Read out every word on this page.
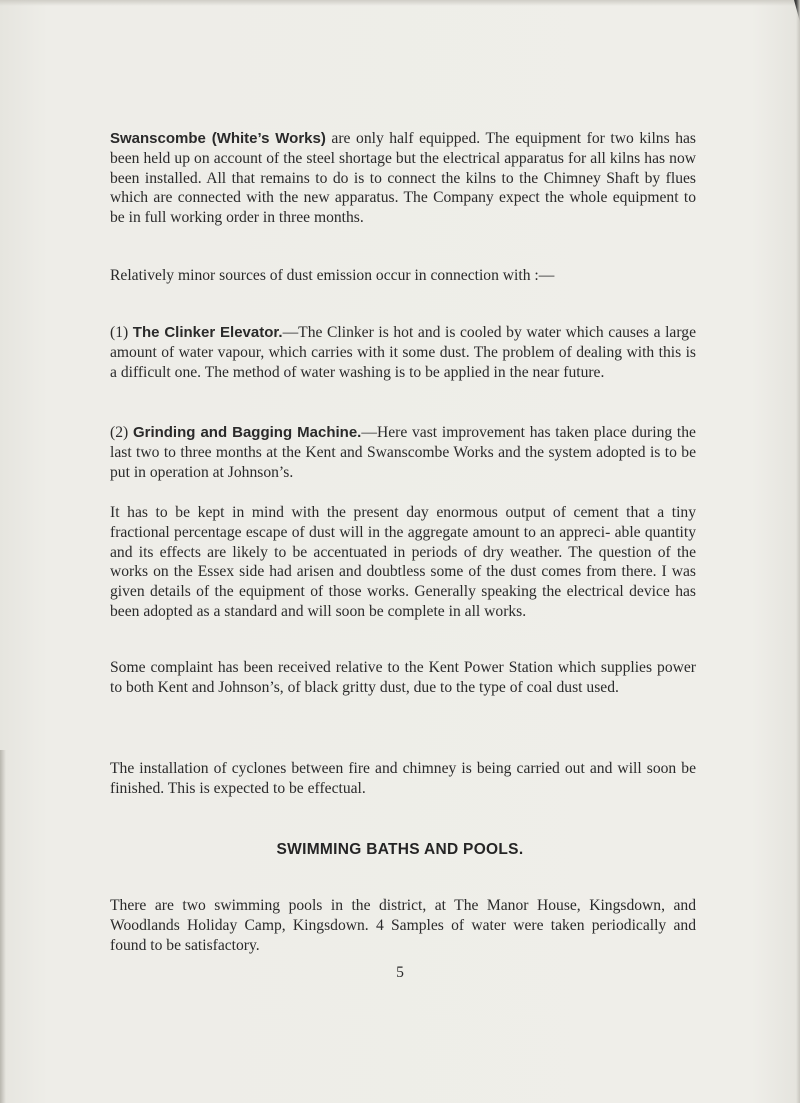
Swanscombe (White’s Works) are only half equipped. The equipment for two kilns has been held up on account of the steel shortage but the electrical apparatus for all kilns has now been installed. All that remains to do is to connect the kilns to the Chimney Shaft by flues which are connected with the new apparatus. The Company expect the whole equipment to be in full working order in three months.

Relatively minor sources of dust emission occur in connection with :—

(1) The Clinker Elevator.—The Clinker is hot and is cooled by water which causes a large amount of water vapour, which carries with it some dust. The problem of dealing with this is a difficult one. The method of water washing is to be applied in the near future.

(2) Grinding and Bagging Machine.—Here vast improvement has taken place during the last two to three months at the Kent and Swanscombe Works and the system adopted is to be put in operation at Johnson’s.

It has to be kept in mind with the present day enormous output of cement that a tiny fractional percentage escape of dust will in the aggregate amount to an appreci- able quantity and its effects are likely to be accentuated in periods of dry weather. The question of the works on the Essex side had arisen and doubtless some of the dust comes from there. I was given details of the equipment of those works. Generally speaking the electrical device has been adopted as a standard and will soon be complete in all works.

Some complaint has been received relative to the Kent Power Station which supplies power to both Kent and Johnson’s, of black gritty dust, due to the type of coal dust used.

The installation of cyclones between fire and chimney is being carried out and will soon be finished. This is expected to be effectual.

SWIMMING BATHS AND POOLS.

There are two swimming pools in the district, at The Manor House, Kingsdown, and Woodlands Holiday Camp, Kingsdown. 4 Samples of water were taken periodically and found to be satisfactory.

5
